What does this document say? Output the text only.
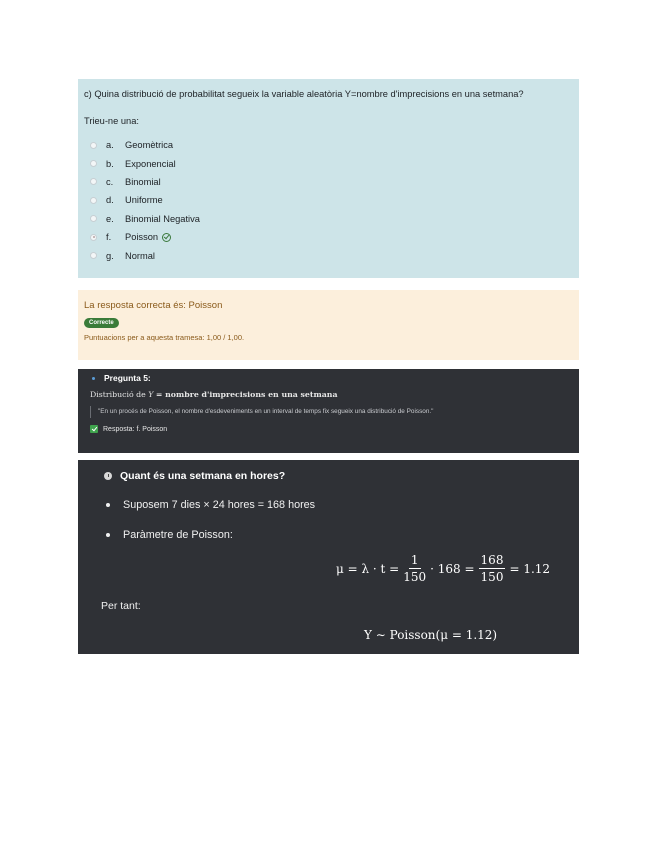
c) Quina distribució de probabilitat segueix la variable aleatòria Y=nombre d'imprecisions en una setmana?
Trieu-ne una:
a.	Geomètrica
b.	Exponencial
c.	Binomial
d.	Uniforme
e.	Binomial Negativa
f.	Poisson
g.	Normal
La resposta correcta és: Poisson
Correcte
Puntuacions per a aquesta tramesa: 1,00 / 1,00.
Pregunta 5:
Distribució de Y = nombre d'imprecisions en una setmana
"En un procés de Poisson, el nombre d'esdeveniments en un interval de temps fix segueix una distribució de Poisson."
Resposta: f. Poisson
Quant és una setmana en hores?
Suposem 7 dies × 24 hores = 168 hores
Paràmetre de Poisson:
$\mu = \lambda \cdot t = \frac{1}{150} \cdot 168 = \frac{168}{150} = 1.12$
Per tant:
Y ∼ Poisson(μ = 1.12)
